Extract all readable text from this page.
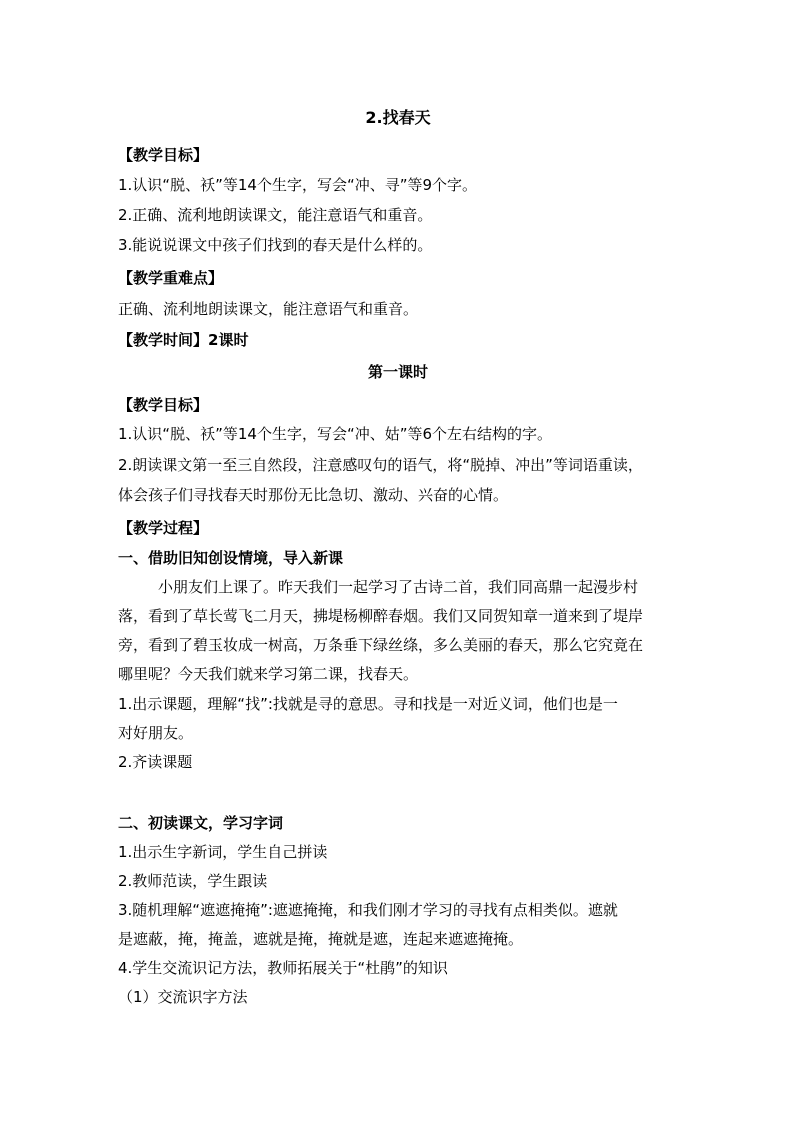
2.找春天
【教学目标】
1.认识“脱、袄”等14个生字，写会“冲、寻”等9个字。
2.正确、流利地朗读课文，能注意语气和重音。
3.能说说课文中孩子们找到的春天是什么样的。
【教学重难点】
正确、流利地朗读课文，能注意语气和重音。
【教学时间】2课时
第一课时
【教学目标】
1.认识“脱、袄”等14个生字，写会“冲、姑”等6个左右结构的字。
2.朗读课文第一至三自然段，注意感叹句的语气，将“脱掉、冲出”等词语重读，
体会孩子们寻找春天时那份无比急切、激动、兴奋的心情。
【教学过程】
一、借助旧知创设情境，导入新课
小朋友们上课了。昨天我们一起学习了古诗二首，我们同高鼎一起漫步村
落，看到了草长莺飞二月天，拂堤杨柳醉春烟。我们又同贺知章一道来到了堤岸
旁，看到了碧玉妆成一树高，万条垂下绿丝绦，多么美丽的春天，那么它究竟在
哪里呢？今天我们就来学习第二课，找春天。
1.出示课题，理解“找”:找就是寻的意思。寻和找是一对近义词，他们也是一
对好朋友。
2.齐读课题
二、初读课文，学习字词
1.出示生字新词，学生自己拼读
2.教师范读，学生跟读
3.随机理解“遮遮掩掩”:遮遮掩掩，和我们刚才学习的寻找有点相类似。遮就
是遮蔽，掩，掩盖，遮就是掩，掩就是遮，连起来遮遮掩掩。
4.学生交流识记方法，教师拓展关于“杜鹃”的知识
（1）交流识字方法
